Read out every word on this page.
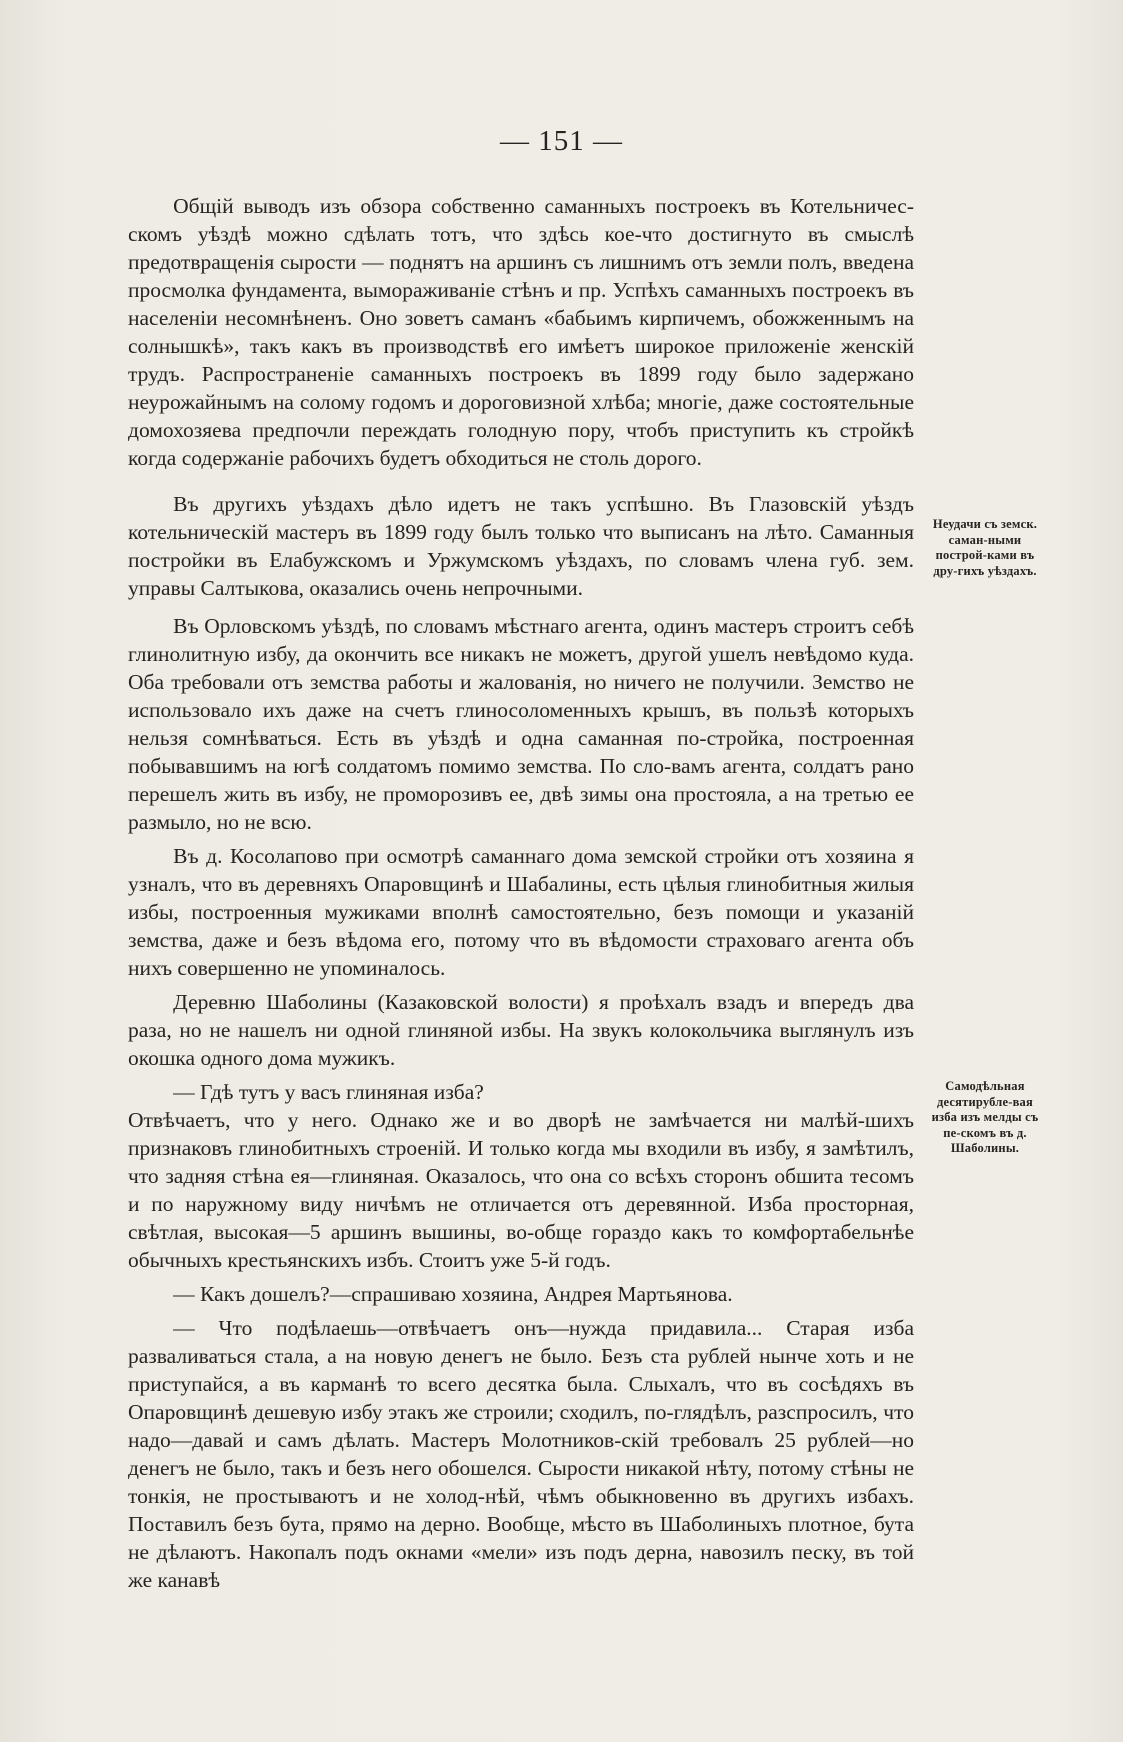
— 151 —

Общій выводъ изъ обзора собственно саманныхъ построекъ въ Котельничес-скомъ уѣздѣ можно сдѣлать тотъ, что здѣсь кое-что достигнуто въ смыслѣ предотвращенія сырости — поднятъ на аршинъ съ лишнимъ отъ земли полъ, введена просмолка фундамента, вымораживаніе стѣнъ и пр. Успѣхъ саманныхъ построекъ въ населеніи несомнѣненъ. Оно зоветъ саманъ «бабьимъ кирпичемъ, обожженнымъ на солнышкѣ», такъ какъ въ производствѣ его имѣетъ широкое приложеніе женскій трудъ. Распространеніе саманныхъ построекъ въ 1899 году было задержано неурожайнымъ на солому годомъ и дороговизной хлѣба; многіе, даже состоятельные домохозяева предпочли переждать голодную пору, чтобъ приступить къ стройкѣ когда содержаніе рабочихъ будетъ обходиться не столь дорого.

Въ другихъ уѣздахъ дѣло идетъ не такъ успѣшно. Въ Глазовскій уѣздъ котельническій мастеръ въ 1899 году былъ только что выписанъ на лѣто. Саманныя постройки въ Елабужскомъ и Уржумскомъ уѣздахъ, по словамъ члена губ. зем. управы Салтыкова, оказались очень непрочными.

Въ Орловскомъ уѣздѣ, по словамъ мѣстнаго агента, одинъ мастеръ строитъ себѣ глинолитную избу, да окончить все никакъ не можетъ, другой ушелъ невѣдомо куда. Оба требовали отъ земства работы и жалованія, но ничего не получили. Земство не использовало ихъ даже на счетъ глиносоломенныхъ крышъ, въ пользѣ которыхъ нельзя сомнѣваться. Есть въ уѣздѣ и одна саманная по-стройка, построенная побывавшимъ на югѣ солдатомъ помимо земства. По сло-вамъ агента, солдатъ рано перешелъ жить въ избу, не проморозивъ ее, двѣ зимы она простояла, а на третью ее размыло, но не всю.

Въ д. Косолапово при осмотрѣ саманнаго дома земской стройки отъ хозяина я узналъ, что въ деревняхъ Опаровщинѣ и Шабалины, есть цѣлыя глинобитныя жилыя избы, построенныя мужиками вполнѣ самостоятельно, безъ помощи и указаній земства, даже и безъ вѣдома его, потому что въ вѣдомости страховаго агента объ нихъ совершенно не упоминалось.

Деревню Шаболины (Казаковской волости) я проѣхалъ взадъ и впередъ два раза, но не нашелъ ни одной глиняной избы. На звукъ колокольчика выглянулъ изъ окошка одного дома мужикъ.

— Гдѣ тутъ у васъ глиняная изба?

Отвѣчаетъ, что у него. Однако же и во дворѣ не замѣчается ни малѣй-шихъ признаковъ глинобитныхъ строеній. И только когда мы входили въ избу, я замѣтилъ, что задняя стѣна ея—глиняная. Оказалось, что она со всѣхъ сторонъ обшита тесомъ и по наружному виду ничѣмъ не отличается отъ деревянной. Изба просторная, свѣтлая, высокая—5 аршинъ вышины, во-обще гораздо какъ то комфортабельнѣе обычныхъ крестьянскихъ избъ. Стоитъ уже 5-й годъ.

— Какъ дошелъ?—спрашиваю хозяина, Андрея Мартьянова.

— Что подѣлаешь—отвѣчаетъ онъ—нужда придавила... Старая изба разваливаться стала, а на новую денегъ не было. Безъ ста рублей нынче хоть и не приступайся, а въ карманѣ то всего десятка была. Слыхалъ, что въ сосѣдяхъ въ Опаровщинѣ дешевую избу этакъ же строили; сходилъ, по-глядѣлъ, разспросилъ, что надо—давай и самъ дѣлать. Мастеръ Молотников-скій требовалъ 25 рублей—но денегъ не было, такъ и безъ него обошелся. Сырости никакой нѣту, потому стѣны не тонкія, не простываютъ и не холод-нѣй, чѣмъ обыкновенно въ другихъ избахъ. Поставилъ безъ бута, прямо на дерно. Вообще, мѣсто въ Шаболиныхъ плотное, бута не дѣлаютъ. Накопалъ подъ окнами «мели» изъ подъ дерна, навозилъ песку, въ той же канавѣ

Неудачи съ земск. саман-ными построй-ками въ дру-гихъ уѣздахъ.
Самодѣльная десятирубле-вая изба изъ мелды съ пе-скомъ въ д. Шаболины.
